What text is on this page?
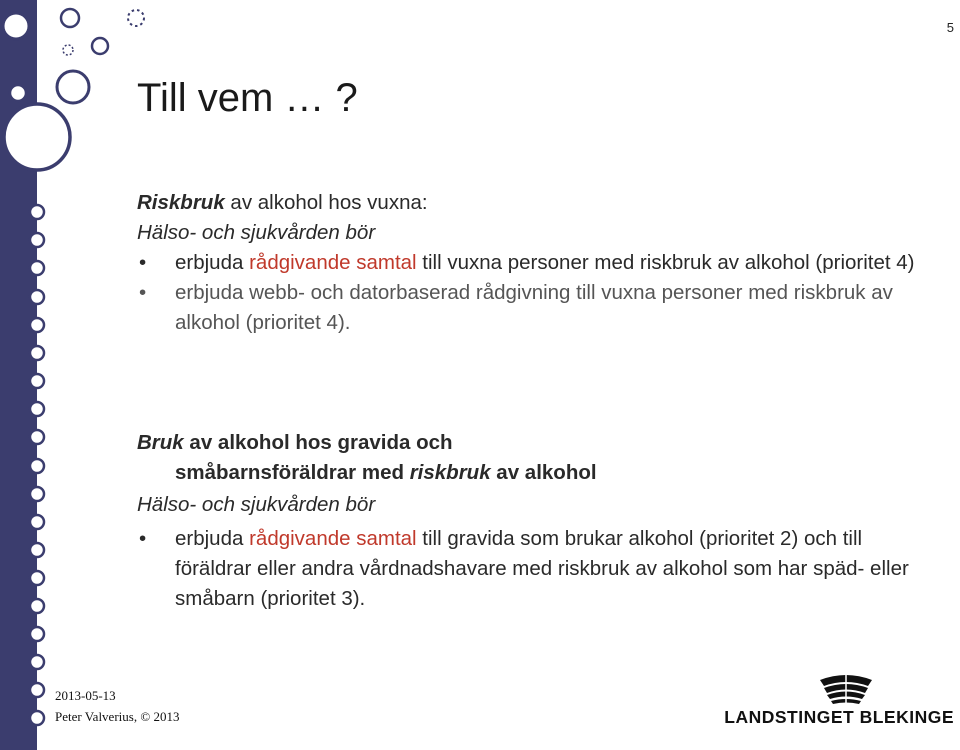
5
Till vem … ?
Riskbruk av alkohol hos vuxna:
Hälso- och sjukvården bör
• erbjuda rådgivande samtal till vuxna personer med riskbruk av alkohol (prioritet 4)
• erbjuda webb- och datorbaserad rådgivning till vuxna personer med riskbruk av alkohol (prioritet 4).
Bruk av alkohol hos gravida och
småbarnsföräldrar med riskbruk av alkohol
Hälso- och sjukvården bör
• erbjuda rådgivande samtal till gravida som brukar alkohol (prioritet 2) och till föräldrar eller andra vårdnadshavare med riskbruk av alkohol som har späd- eller småbarn (prioritet 3).
2013-05-13
Peter Valverius, © 2013	LANDSTINGET BLEKINGE
